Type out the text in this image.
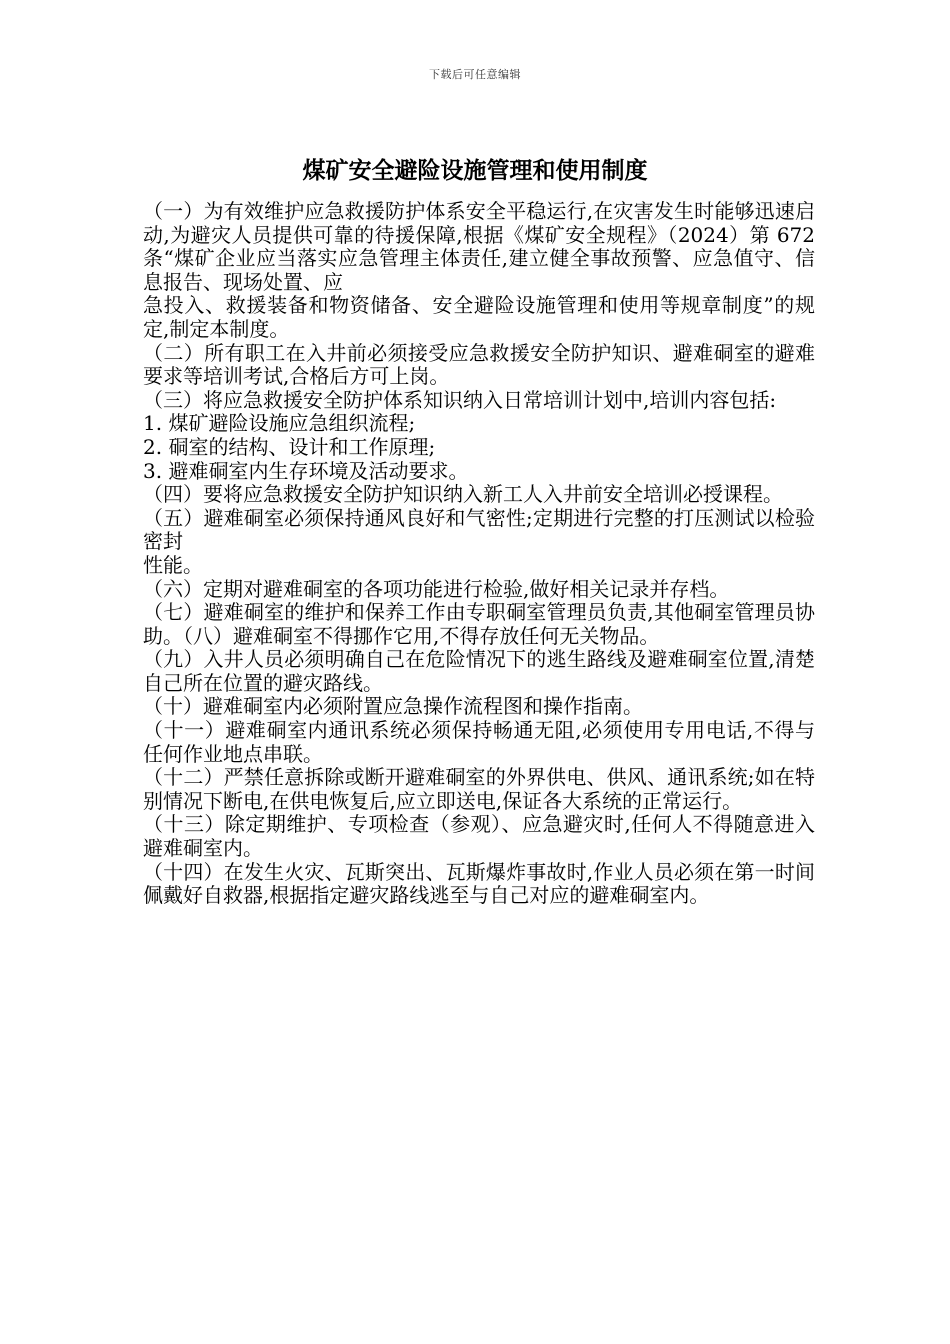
下载后可任意编辑
煤矿安全避险设施管理和使用制度

（一）为有效维护应急救援防护体系安全平稳运行,在灾害发生时能够迅速启动,为避灾人员提供可靠的待援保障,根据《煤矿安全规程》（2024）第 672 条“煤矿企业应当落实应急管理主体责任,建立健全事故预警、应急值守、信息报告、现场处置、应

急投入、救援装备和物资储备、安全避险设施管理和使用等规章制度”的规定,制定本制度。

（二）所有职工在入井前必须接受应急救援安全防护知识、避难硐室的避难要求等培训考试,合格后方可上岗。

（三）将应急救援安全防护体系知识纳入日常培训计划中,培训内容包括:

1. 煤矿避险设施应急组织流程;

2. 硐室的结构、设计和工作原理;

3. 避难硐室内生存环境及活动要求。

（四）要将应急救援安全防护知识纳入新工人入井前安全培训必授课程。

（五）避难硐室必须保持通风良好和气密性;定期进行完整的打压测试以检验密封

性能。

（六）定期对避难硐室的各项功能进行检验,做好相关记录并存档。

（七）避难硐室的维护和保养工作由专职硐室管理员负责,其他硐室管理员协助。（八）避难硐室不得挪作它用,不得存放任何无关物品。

（九）入井人员必须明确自己在危险情况下的逃生路线及避难硐室位置,清楚自己所在位置的避灾路线。

（十）避难硐室内必须附置应急操作流程图和操作指南。

（十一）避难硐室内通讯系统必须保持畅通无阻,必须使用专用电话,不得与任何作业地点串联。

（十二）严禁任意拆除或断开避难硐室的外界供电、供风、通讯系统;如在特别情况下断电,在供电恢复后,应立即送电,保证各大系统的正常运行。

（十三）除定期维护、专项检查（参观）、应急避灾时,任何人不得随意进入避难硐室内。

（十四）在发生火灾、瓦斯突出、瓦斯爆炸事故时,作业人员必须在第一时间佩戴好自救器,根据指定避灾路线逃至与自己对应的避难硐室内。
